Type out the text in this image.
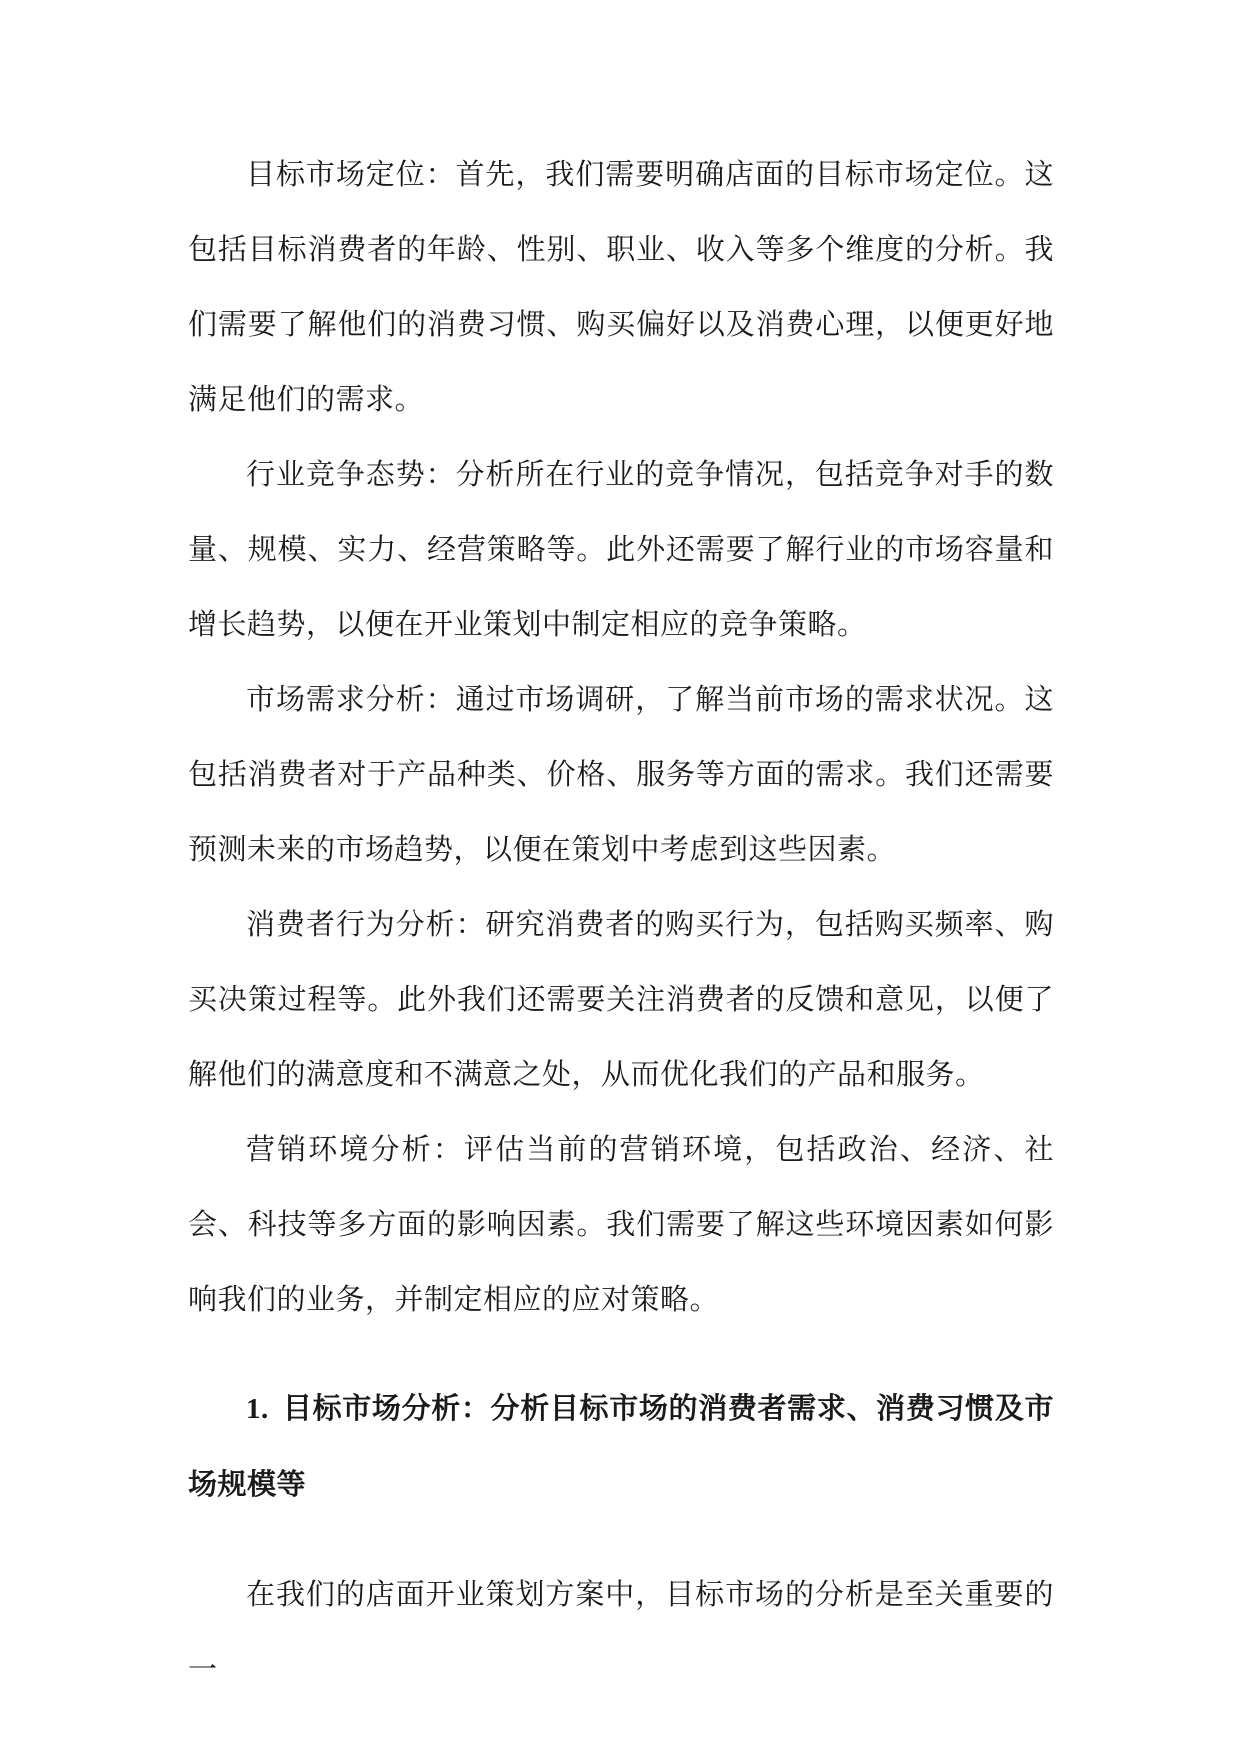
目标市场定位：首先，我们需要明确店面的目标市场定位。这包括目标消费者的年龄、性别、职业、收入等多个维度的分析。我们需要了解他们的消费习惯、购买偏好以及消费心理，以便更好地满足他们的需求。

行业竞争态势：分析所在行业的竞争情况，包括竞争对手的数量、规模、实力、经营策略等。此外还需要了解行业的市场容量和增长趋势，以便在开业策划中制定相应的竞争策略。

市场需求分析：通过市场调研，了解当前市场的需求状况。这包括消费者对于产品种类、价格、服务等方面的需求。我们还需要预测未来的市场趋势，以便在策划中考虑到这些因素。

消费者行为分析：研究消费者的购买行为，包括购买频率、购买决策过程等。此外我们还需要关注消费者的反馈和意见，以便了解他们的满意度和不满意之处，从而优化我们的产品和服务。

营销环境分析：评估当前的营销环境，包括政治、经济、社会、科技等多方面的影响因素。我们需要了解这些环境因素如何影响我们的业务，并制定相应的应对策略。

1. 目标市场分析：分析目标市场的消费者需求、消费习惯及市场规模等

在我们的店面开业策划方案中，目标市场的分析是至关重要的一
